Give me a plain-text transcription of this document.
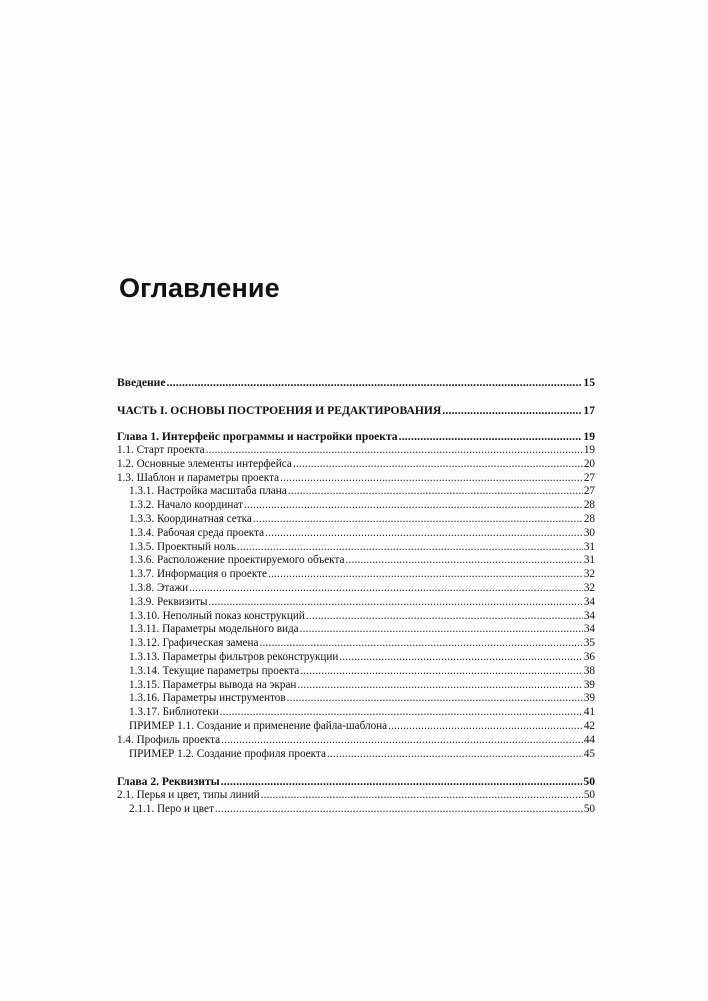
Оглавление
Введение .....	15
ЧАСТЬ I. ОСНОВЫ ПОСТРОЕНИЯ И РЕДАКТИРОВАНИЯ .....	17
Глава 1. Интерфейс программы и настройки проекта .....	19
1.1. Старт проекта .....	19
1.2. Основные элементы интерфейса .....	20
1.3. Шаблон и параметры проекта .....	27
1.3.1. Настройка масштаба плана .....	27
1.3.2. Начало координат .....	28
1.3.3. Координатная сетка .....	28
1.3.4. Рабочая среда проекта .....	30
1.3.5. Проектный ноль .....	31
1.3.6. Расположение проектируемого объекта .....	31
1.3.7. Информация о проекте .....	32
1.3.8. Этажи .....	32
1.3.9. Реквизиты .....	34
1.3.10. Неполный показ конструкций .....	34
1.3.11. Параметры модельного вида .....	34
1.3.12. Графическая замена .....	35
1.3.13. Параметры фильтров реконструкции .....	36
1.3.14. Текущие параметры проекта .....	38
1.3.15. Параметры вывода на экран .....	39
1.3.16. Параметры инструментов .....	39
1.3.17. Библиотеки .....	41
ПРИМЕР 1.1. Создание и применение файла-шаблона .....	42
1.4. Профиль проекта .....	44
ПРИМЕР 1.2. Создание профиля проекта .....	45
Глава 2. Реквизиты .....	50
2.1. Перья и цвет, типы линий .....	50
2.1.1. Перо и цвет .....	50
